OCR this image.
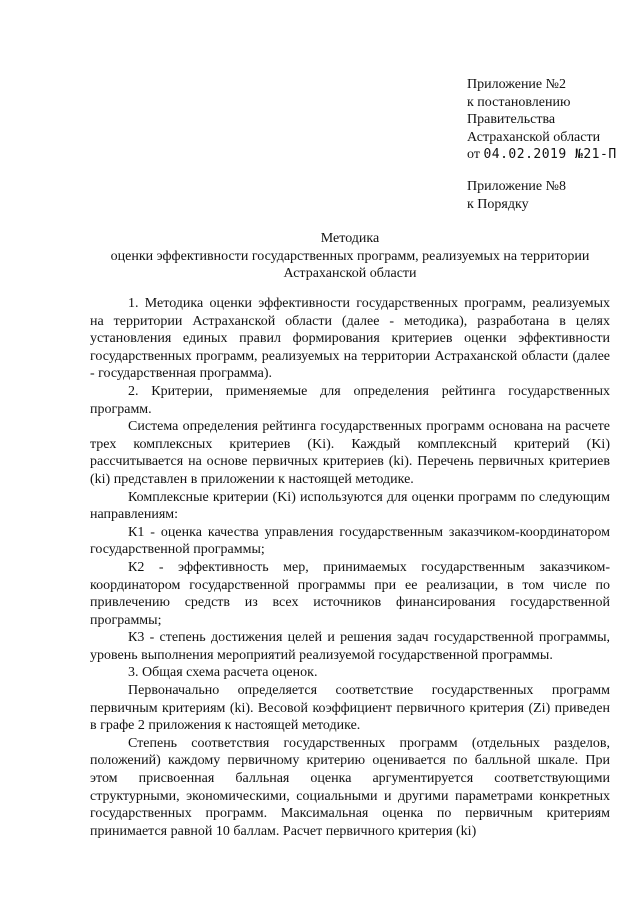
Приложение №2
к постановлению
Правительства
Астраханской области
от 04.02.2019 №21-П
Приложение №8
к Порядку
Методика
оценки эффективности государственных программ, реализуемых на территории
Астраханской области

1. Методика оценки эффективности государственных программ, реализуемых на территории Астраханской области (далее - методика), разработана в целях установления единых правил формирования критериев оценки эффективности государственных программ, реализуемых на территории Астраханской области (далее - государственная программа).

2. Критерии, применяемые для определения рейтинга государственных программ.

Система определения рейтинга государственных программ основана на расчете трех комплексных критериев (Ki). Каждый комплексный критерий (Ki) рассчитывается на основе первичных критериев (ki). Перечень первичных критериев (ki) представлен в приложении к настоящей методике.

Комплексные критерии (Ki) используются для оценки программ по следующим направлениям:

К1 - оценка качества управления государственным заказчиком-координатором государственной программы;

К2 - эффективность мер, принимаемых государственным заказчиком-координатором государственной программы при ее реализации, в том числе по привлечению средств из всех источников финансирования государственной программы;

К3 - степень достижения целей и решения задач государственной программы, уровень выполнения мероприятий реализуемой государственной программы.

3. Общая схема расчета оценок.

Первоначально определяется соответствие государственных программ первичным критериям (ki). Весовой коэффициент первичного критерия (Zi) приведен в графе 2 приложения к настоящей методике.

Степень соответствия государственных программ (отдельных разделов, положений) каждому первичному критерию оценивается по балльной шкале. При этом присвоенная балльная оценка аргументируется соответствующими структурными, экономическими, социальными и другими параметрами конкретных государственных программ. Максимальная оценка по первичным критериям принимается равной 10 баллам. Расчет первичного критерия (ki)
